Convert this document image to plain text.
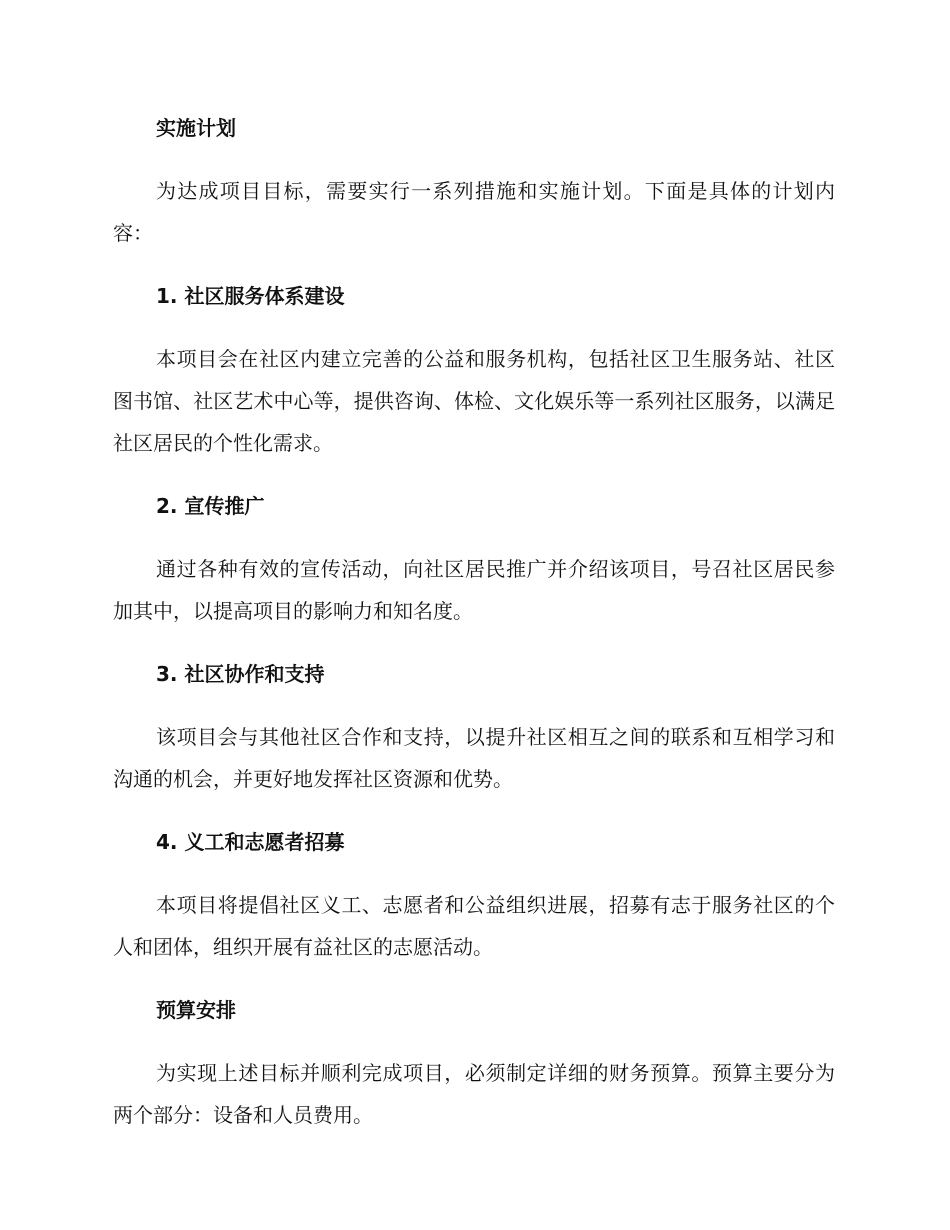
实施计划

为达成项目目标，需要实行一系列措施和实施计划。下面是具体的计划内容：

1. 社区服务体系建设

本项目会在社区内建立完善的公益和服务机构，包括社区卫生服务站、社区图书馆、社区艺术中心等，提供咨询、体检、文化娱乐等一系列社区服务，以满足社区居民的个性化需求。

2. 宣传推广

通过各种有效的宣传活动，向社区居民推广并介绍该项目，号召社区居民参加其中，以提高项目的影响力和知名度。

3. 社区协作和支持

该项目会与其他社区合作和支持，以提升社区相互之间的联系和互相学习和沟通的机会，并更好地发挥社区资源和优势。

4. 义工和志愿者招募

本项目将提倡社区义工、志愿者和公益组织进展，招募有志于服务社区的个人和团体，组织开展有益社区的志愿活动。

预算安排

为实现上述目标并顺利完成项目，必须制定详细的财务预算。预算主要分为两个部分：设备和人员费用。
